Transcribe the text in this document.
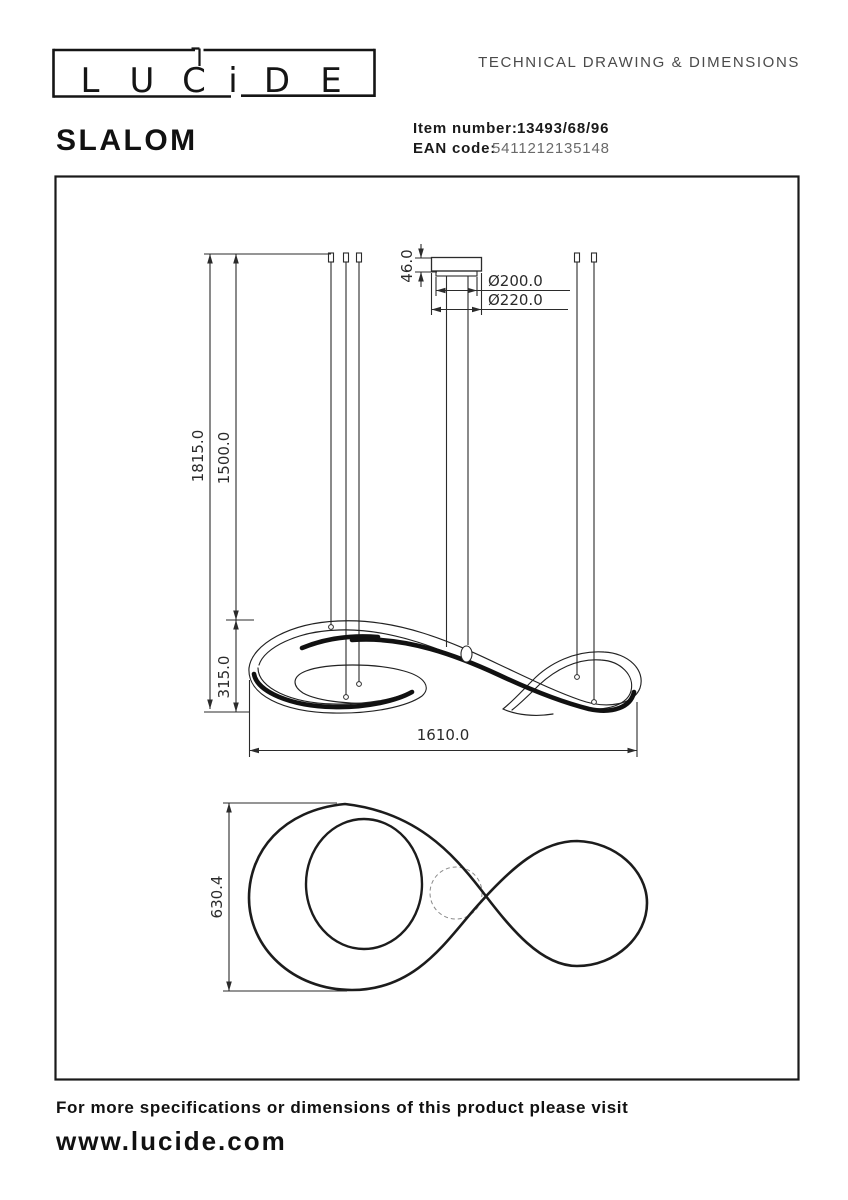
L U C i D E	TECHNICAL DRAWING & DIMENSIONS
SLALOM	Item number: 13493/68/96
EAN code:
5411212135148
46.0	Ø200.0
Ø220.0
1815.0 1500.0
315.0
1610.0
630.4
For more specifications or dimensions of this product please visit
www.lucide.com
